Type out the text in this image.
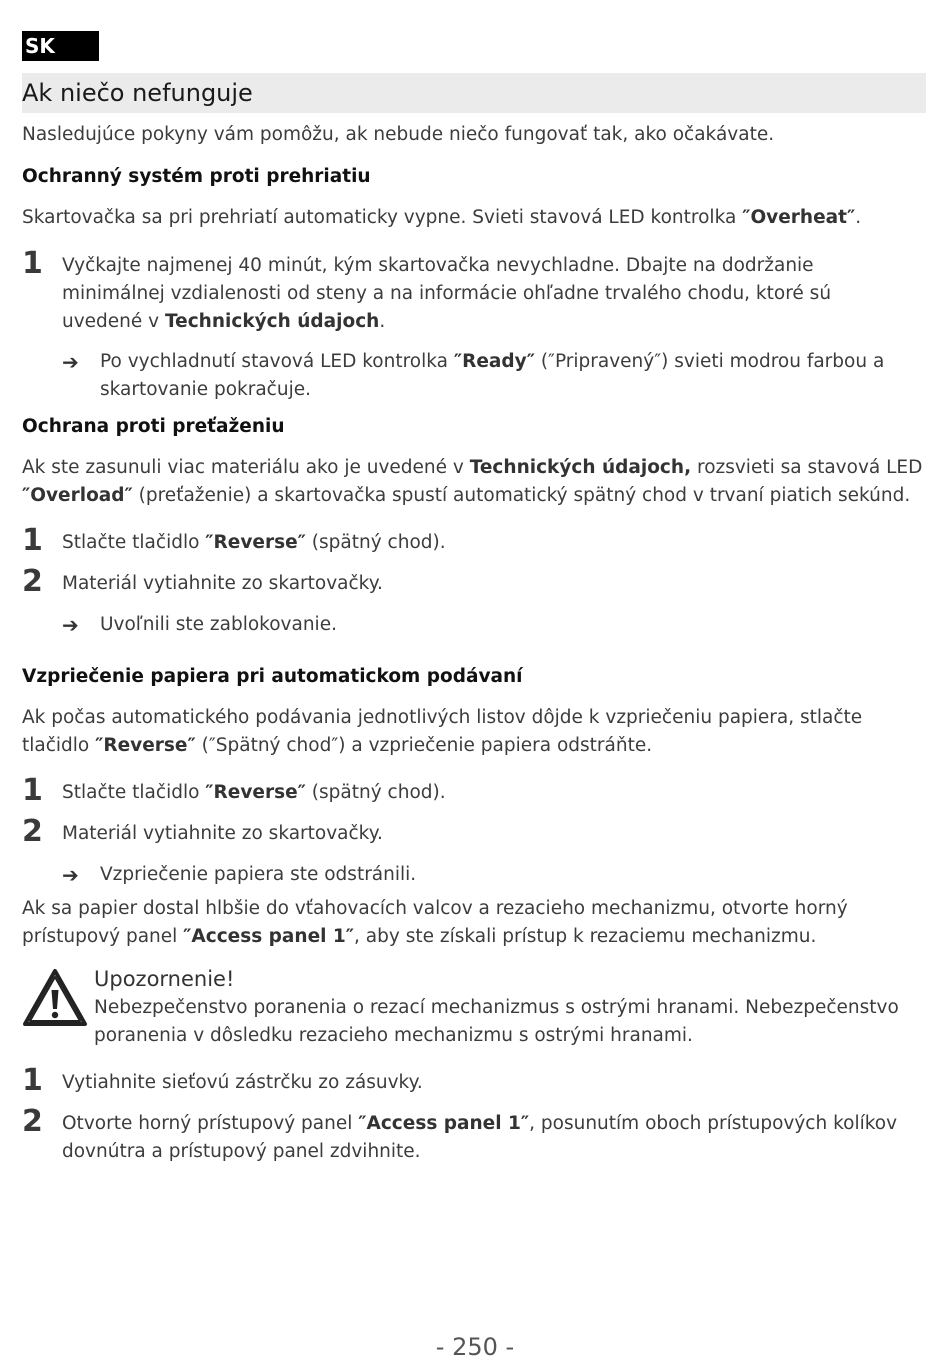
SK
Ak niečo nefunguje
Nasledujúce pokyny vám pomôžu, ak nebude niečo fungovať tak, ako očakávate.
Ochranný systém proti prehriatiu
Skartovačka sa pri prehriatí automaticky vypne. Svieti stavová LED kontrolka ″Overheat″.
1	Vyčkajte najmenej 40 minút, kým skartovačka nevychladne. Dbajte na dodržanie minimálnej vzdialenosti od steny a na informácie ohľadne trvalého chodu, ktoré sú uvedené v Technických údajoch.
➔	Po vychladnutí stavová LED kontrolka ″Ready″ (″Pripravený″) svieti modrou farbou a skartovanie pokračuje.
Ochrana proti preťaženiu
Ak ste zasunuli viac materiálu ako je uvedené v Technických údajoch, rozsvieti sa stavová LED ″Overload″ (preťaženie) a skartovačka spustí automatický spätný chod v trvaní piatich sekúnd.
1	Stlačte tlačidlo ″Reverse″ (spätný chod).
2	Materiál vytiahnite zo skartovačky.
➔	Uvoľnili ste zablokovanie.
Vzpriečenie papiera pri automatickom podávaní
Ak počas automatického podávania jednotlivých listov dôjde k vzpriečeniu papiera, stlačte tlačidlo ″Reverse″ (″Spätný chod″) a vzpriečenie papiera odstráňte.
1	Stlačte tlačidlo ″Reverse″ (spätný chod).
2	Materiál vytiahnite zo skartovačky.
➔	Vzpriečenie papiera ste odstránili.
Ak sa papier dostal hlbšie do vťahovacích valcov a rezacieho mechanizmu, otvorte horný prístupový panel ″Access panel 1″, aby ste získali prístup k rezaciemu mechanizmu.
Upozornenie!
Nebezpečenstvo poranenia o rezací mechanizmus s ostrými hranami. Nebezpečenstvo poranenia v dôsledku rezacieho mechanizmu s ostrými hranami.
1	Vytiahnite sieťovú zástrčku zo zásuvky.
2	Otvorte horný prístupový panel ″Access panel 1″, posunutím oboch prístupových kolíkov dovnútra a prístupový panel zdvihnite.
- 250 -
